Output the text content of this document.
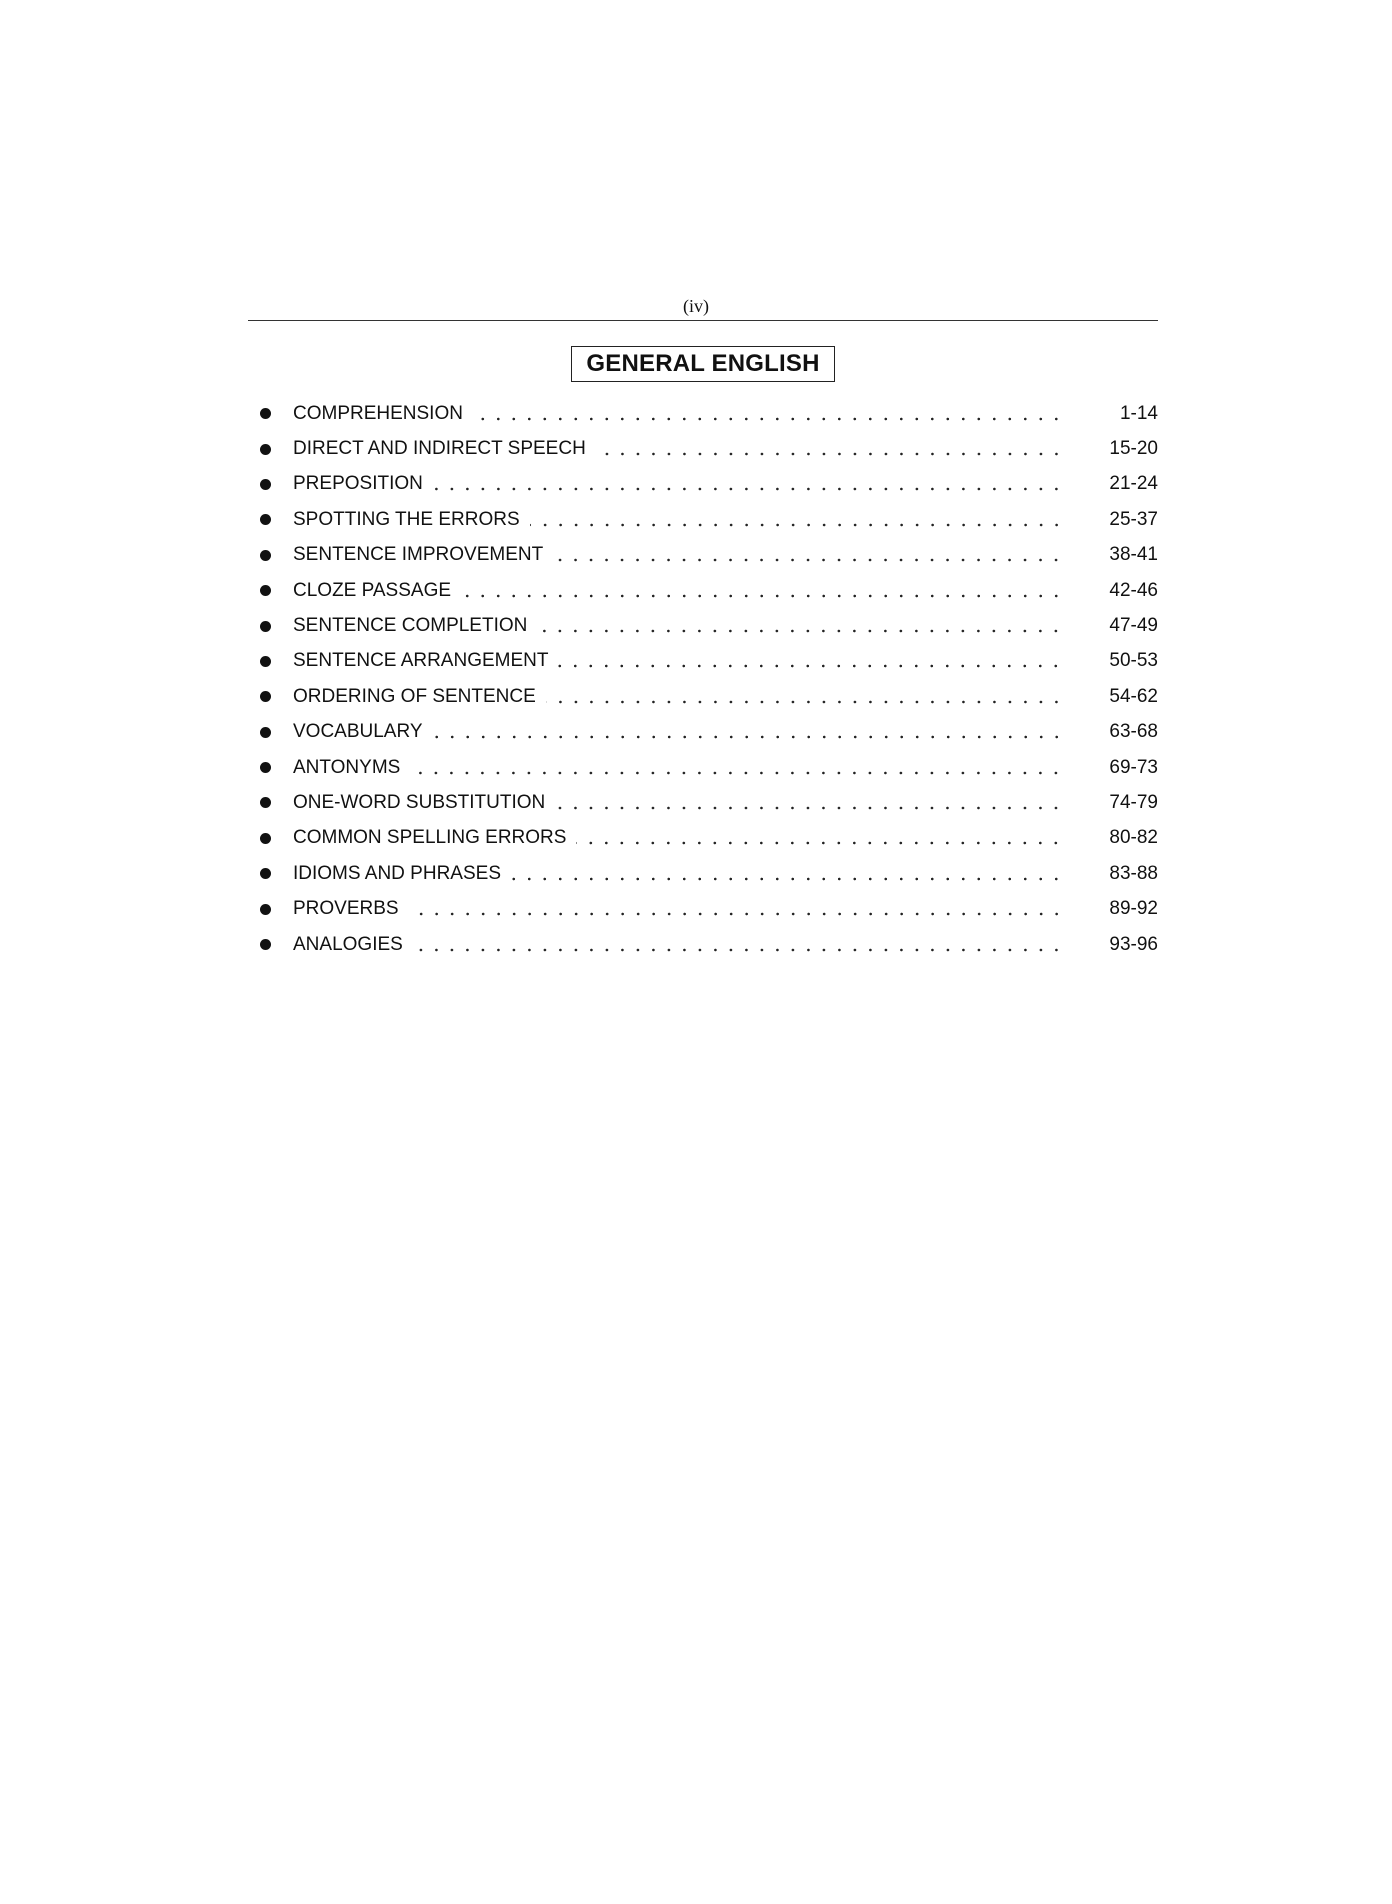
(iv)
GENERAL ENGLISH
COMPREHENSION	1-14
DIRECT AND INDIRECT SPEECH	15-20
PREPOSITION	21-24
SPOTTING THE ERRORS	25-37
SENTENCE IMPROVEMENT	38-41
CLOZE PASSAGE	42-46
SENTENCE COMPLETION	47-49
SENTENCE ARRANGEMENT	50-53
ORDERING OF SENTENCE	54-62
VOCABULARY	63-68
ANTONYMS	69-73
ONE-WORD SUBSTITUTION	74-79
COMMON SPELLING ERRORS	80-82
IDIOMS AND PHRASES	83-88
PROVERBS	89-92
ANALOGIES	93-96
